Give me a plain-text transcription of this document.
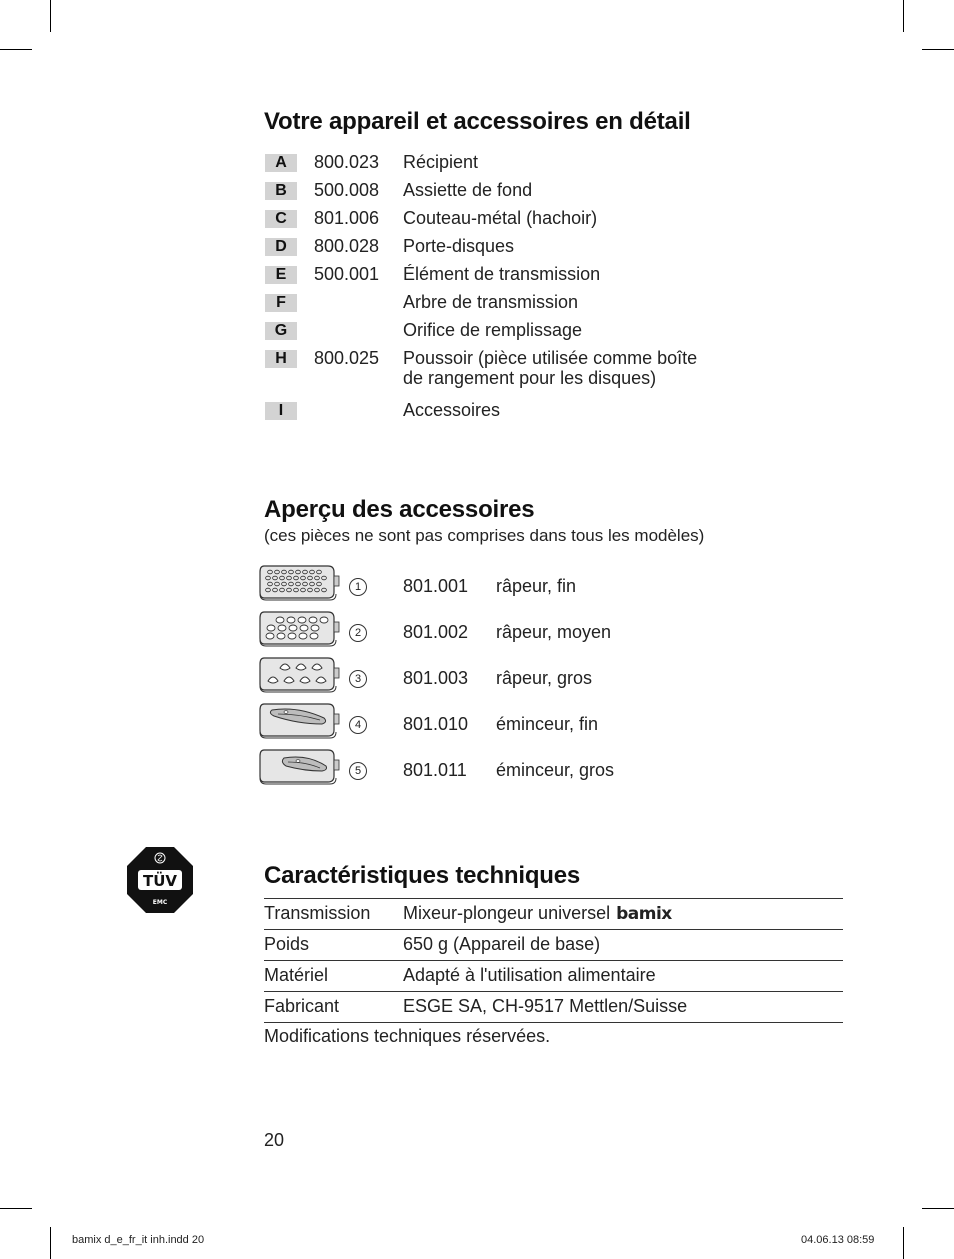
Votre appareil et accessoires en détail
A	800.023 Récipient
B	500.008 Assiette de fond
C	801.006 Couteau-métal (hachoir)
D	800.028 Porte-disques
E	500.001 Élément de transmission
F	Arbre de transmission
G	Orifice de remplissage
H	800.025 Poussoir (pièce utilisée comme boîte
de rangement pour les disques)
I	Accessoires
Aperçu des accessoires
(ces pièces ne sont pas comprises dans tous les modèles)
1	801.001 râpeur, fin
2	801.002 râpeur, moyen
3	801.003 râpeur, gros
4	801.010 éminceur, fin
5	801.011 éminceur, gros
TÜV
EMC
Caractéristiques techniques
Transmission Mixeur-plongeur universel bamix
Poids	650 g (Appareil de base)
Matériel	Adapté à l'utilisation alimentaire
Fabricant	ESGE SA, CH-9517 Mettlen/Suisse
Modifications techniques réservées.
20
bamix d_e_fr_it inh.indd 20	04.06.13 08:59
